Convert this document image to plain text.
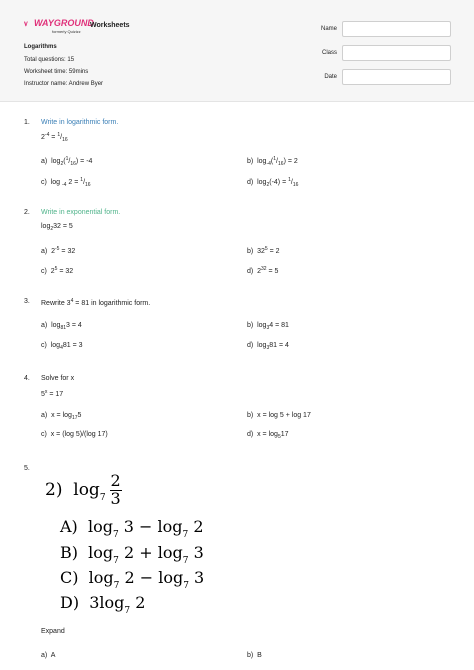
᥎ WAYGROUND
formerly Quizizz
Worksheets
Logarithms
Total questions: 15
Worksheet time: 59mins
Instructor name: Andrew Byer
Name
Class
Date
1. Write in logarithmic form.
$2^{-4} = ^1/_{16}$
a)  $\log_2(^1/_{16}) = -4$	b)  $\log_{-4}(^1/_{16}) = 2$
c)  log $_{-4}$ $2 = ^1/_{16}$	d)  $\log_2(-4) = ^1/_{16}$
2. Write in exponential form.
$\log_232 = 5$
a)  $2^{-5} = 32$	b)  $32^5 = 2$
c)  $2^5 = 32$	d)  $2^{32} = 5$
3. Rewrite $3^4 = 81$ in logarithmic form.
a)  $\log_{81}3 = 4$	b)  $\log_34 = 81$
c)  $\log_481 = 3$	d)  $\log_381 = 4$
4. Solve for x
$5^x = 17$
a)  $x = \log_{17}5$	b)  x = log 5 + log 17
c)  x = (log 5)/(log 17)	d)  $x = \log_517$
5.
2)  $\log_7 \frac{2}{3}$
A)  $\log_7 3 - \log_7 2$
B)  $\log_7 2 + \log_7 3$
C)  $\log_7 2 - \log_7 3$
D)  $3\log_7$ 2
Expand
a)  A	b)  B
